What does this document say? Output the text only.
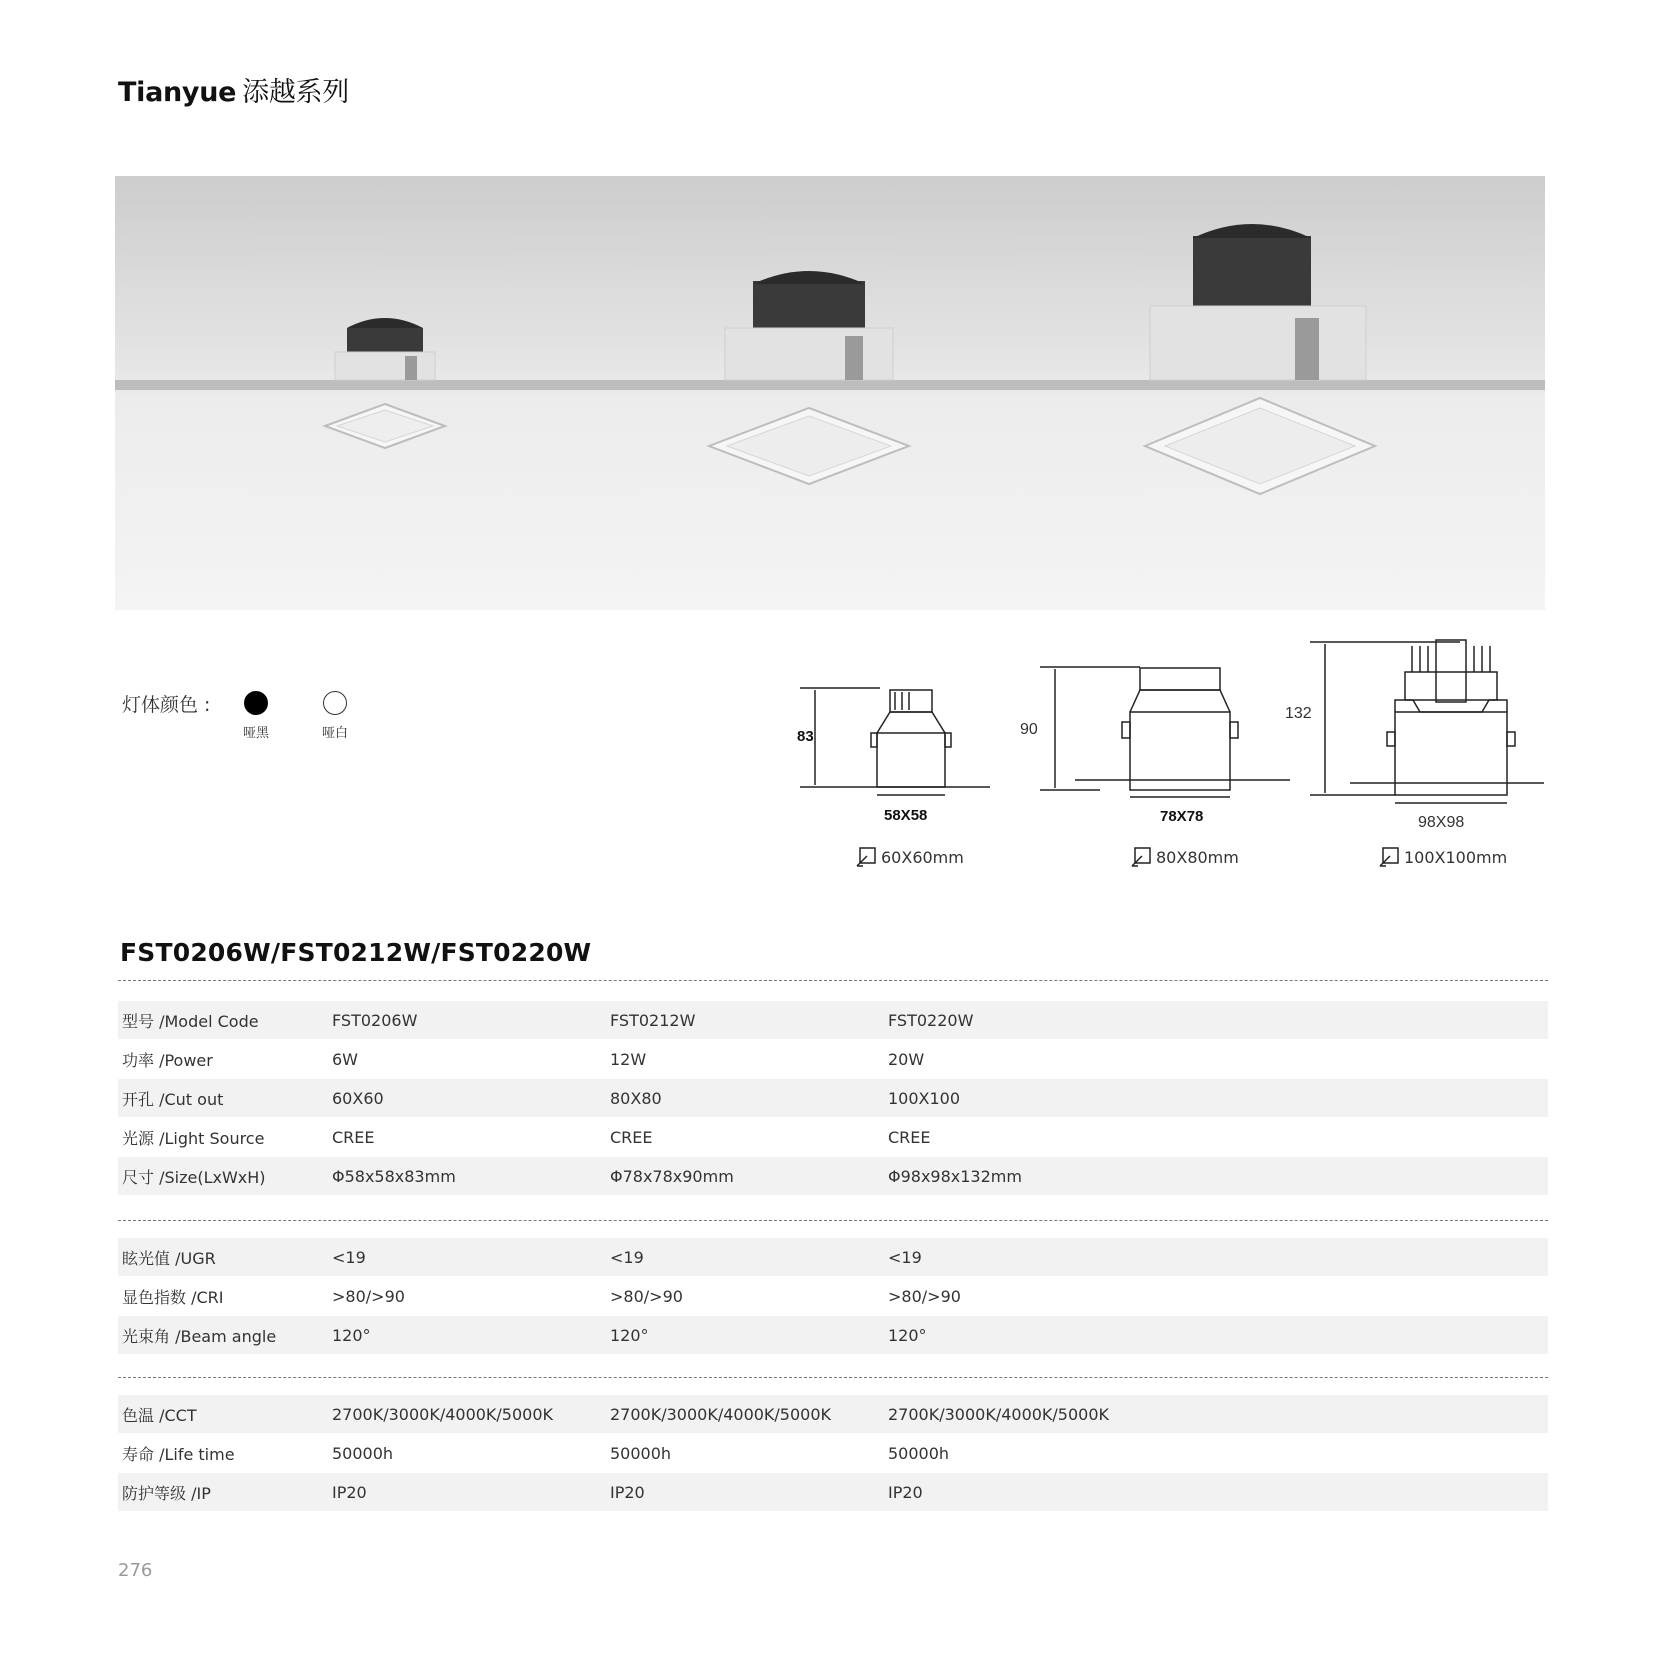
Tianyue 添越系列
灯体颜色 :
哑黑	哑白	83
58X58
90
78X78
132
98X98
60X60mm	80X80mm	100X100mm
FST0206W/FST0212W/FST0220W
型号 /Model Code	FST0206W	FST0212W	FST0220W
功率 /Power	6W	12W	20W
开孔 /Cut out	60X60	80X80	100X100
光源 /Light Source	CREE	CREE	CREE
尺寸 /Size(LxWxH)	Φ58x58x83mm	Φ78x78x90mm	Φ98x98x132mm
眩光值 /UGR	<19	<19	<19
显色指数 /CRI	>80/>90	>80/>90	>80/>90
光束角 /Beam angle	120°	120°	120°
色温 /CCT	2700K/3000K/4000K/5000K	2700K/3000K/4000K/5000K	2700K/3000K/4000K/5000K
寿命 /Life time	50000h	50000h	50000h
防护等级 /IP	IP20	IP20	IP20
276
